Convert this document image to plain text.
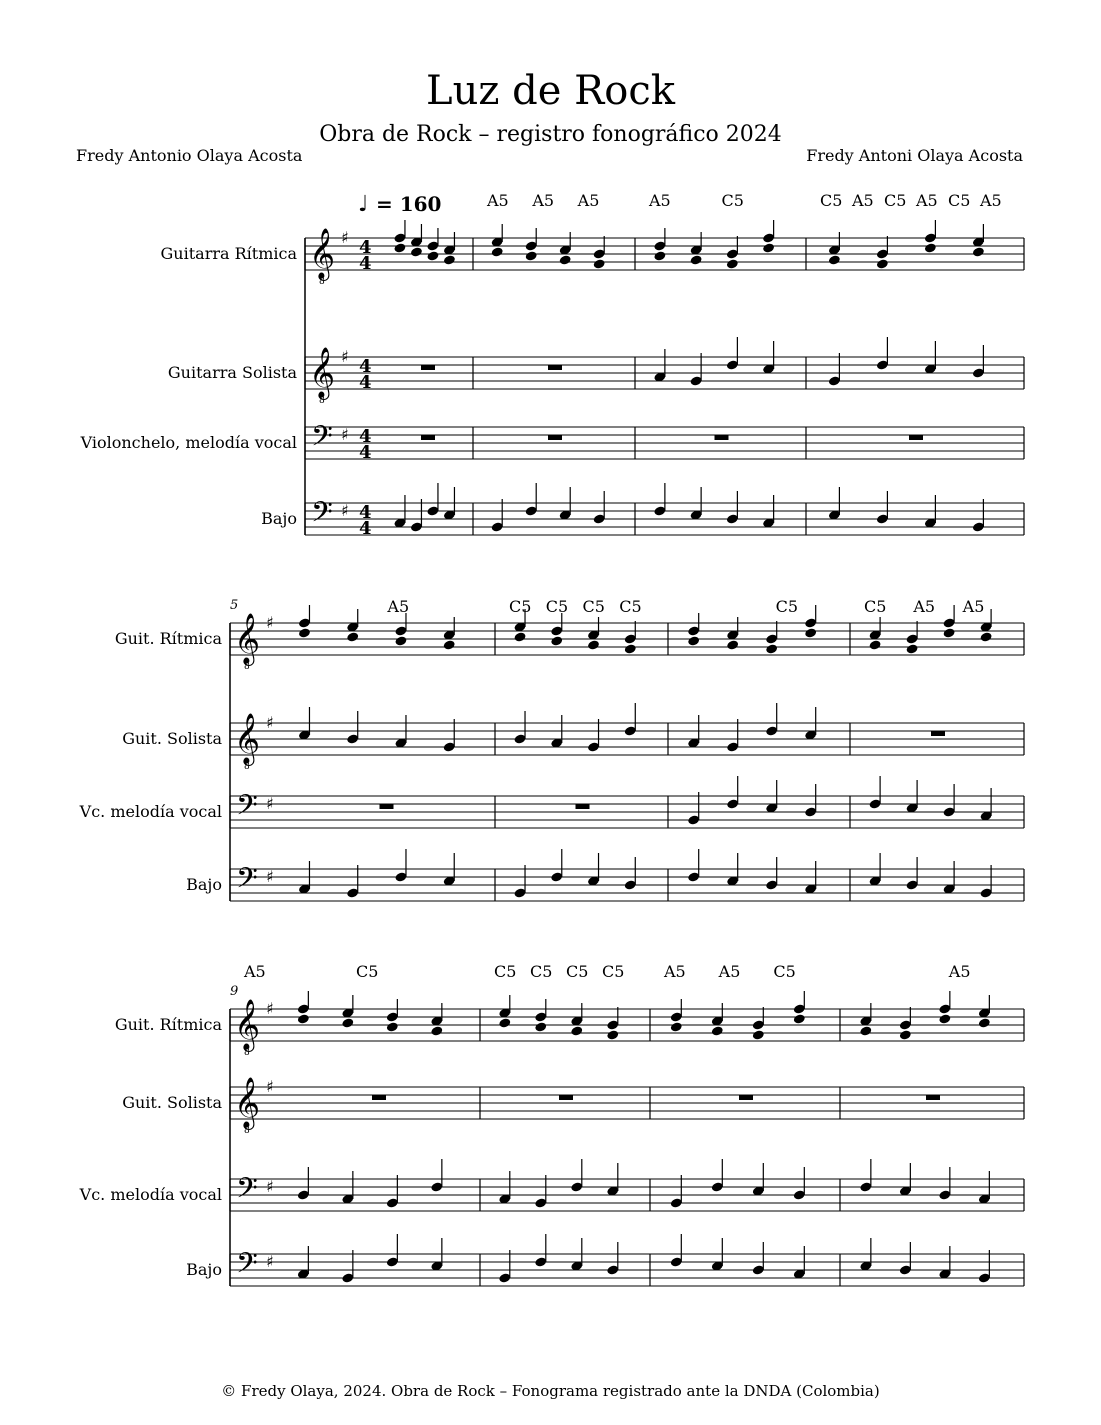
Luz de Rock
Obra de Rock – registro fonográfico 2024
Fredy Antonio Olaya Acosta	Fredy Antoni Olaya Acosta
Guitarra Rítmica
Guitarra Solista
Violonchelo, melodía vocal
Bajo
𝄞
8
♯ 4
4
𝄞
8
♯ 4
4
𝄢 ♯ 4
4
𝄢 ♯ 4
4
A5 A5 A5	A5	C5	C5 A5 C5 A5 C5 A5
Guit. Rítmica
Guit. Solista
Vc. melodía vocal
Bajo
5
𝄞
8
♯
𝄞
8
♯
𝄢 ♯
𝄢 ♯
A5	C5 C5 C5 C5	C5	C5 A5 A5
Guit. Rítmica
Guit. Solista
Vc. melodía vocal
Bajo
9
𝄞
8
♯
𝄞
8
♯
𝄢 ♯
𝄢 ♯
A5	C5	C5 C5 C5 C5 A5 A5 C5	A5
♩ = 160
© Fredy Olaya, 2024. Obra de Rock – Fonograma registrado ante la DNDA (Colombia)
